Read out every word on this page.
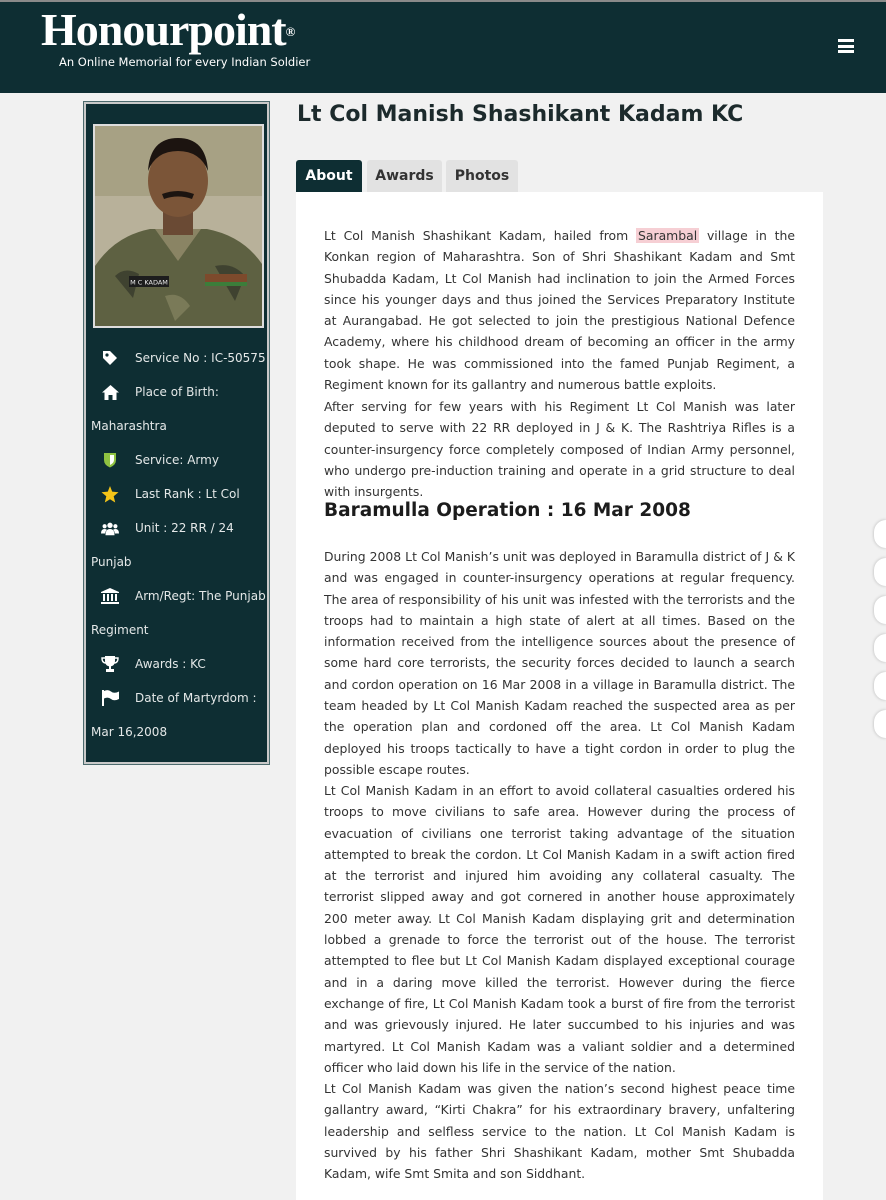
Honourpoint®
An Online Memorial for every Indian Soldier
M C KADAM
Service No : IC-50575
Place of Birth:
Maharashtra
Service: Army
Last Rank : Lt Col
Unit : 22 RR / 24
Punjab
Arm/Regt: The Punjab
Regiment
Awards : KC
Date of Martyrdom :
Mar 16,2008
Lt Col Manish Shashikant Kadam KC
About	Awards	Photos

Lt Col Manish Shashikant Kadam, hailed from Sarambal village in the Konkan region of Maharashtra. Son of Shri Shashikant Kadam and Smt Shubadda Kadam, Lt Col Manish had inclination to join the Armed Forces since his younger days and thus joined the Services Preparatory Institute at Aurangabad. He got selected to join the prestigious National Defence Academy, where his childhood dream of becoming an officer in the army took shape. He was commissioned into the famed Punjab Regiment, a Regiment known for its gallantry and numerous battle exploits.

After serving for few years with his Regiment Lt Col Manish was later deputed to serve with 22 RR deployed in J & K. The Rashtriya Rifles is a counter-insurgency force completely composed of Indian Army personnel, who undergo pre-induction training and operate in a grid structure to deal with insurgents.

Baramulla Operation : 16 Mar 2008

During 2008 Lt Col Manish’s unit was deployed in Baramulla district of J & K and was engaged in counter-insurgency operations at regular frequency. The area of responsibility of his unit was infested with the terrorists and the troops had to maintain a high state of alert at all times. Based on the information received from the intelligence sources about the presence of some hard core terrorists, the security forces decided to launch a search and cordon operation on 16 Mar 2008 in a village in Baramulla district. The team headed by Lt Col Manish Kadam reached the suspected area as per the operation plan and cordoned off the area. Lt Col Manish Kadam deployed his troops tactically to have a tight cordon in order to plug the possible escape routes.

Lt Col Manish Kadam in an effort to avoid collateral casualties ordered his troops to move civilians to safe area. However during the process of evacuation of civilians one terrorist taking advantage of the situation attempted to break the cordon. Lt Col Manish Kadam in a swift action fired at the terrorist and injured him avoiding any collateral casualty. The terrorist slipped away and got cornered in another house approximately 200 meter away. Lt Col Manish Kadam displaying grit and determination lobbed a grenade to force the terrorist out of the house. The terrorist attempted to flee but Lt Col Manish Kadam displayed exceptional courage and in a daring move killed the terrorist. However during the fierce exchange of fire, Lt Col Manish Kadam took a burst of fire from the terrorist and was grievously injured. He later succumbed to his injuries and was martyred. Lt Col Manish Kadam was a valiant soldier and a determined officer who laid down his life in the service of the nation.

Lt Col Manish Kadam was given the nation’s second highest peace time gallantry award, “Kirti Chakra” for his extraordinary bravery, unfaltering leadership and selfless service to the nation. Lt Col Manish Kadam is survived by his father Shri Shashikant Kadam, mother Smt Shubadda Kadam, wife Smt Smita and son Siddhant.
